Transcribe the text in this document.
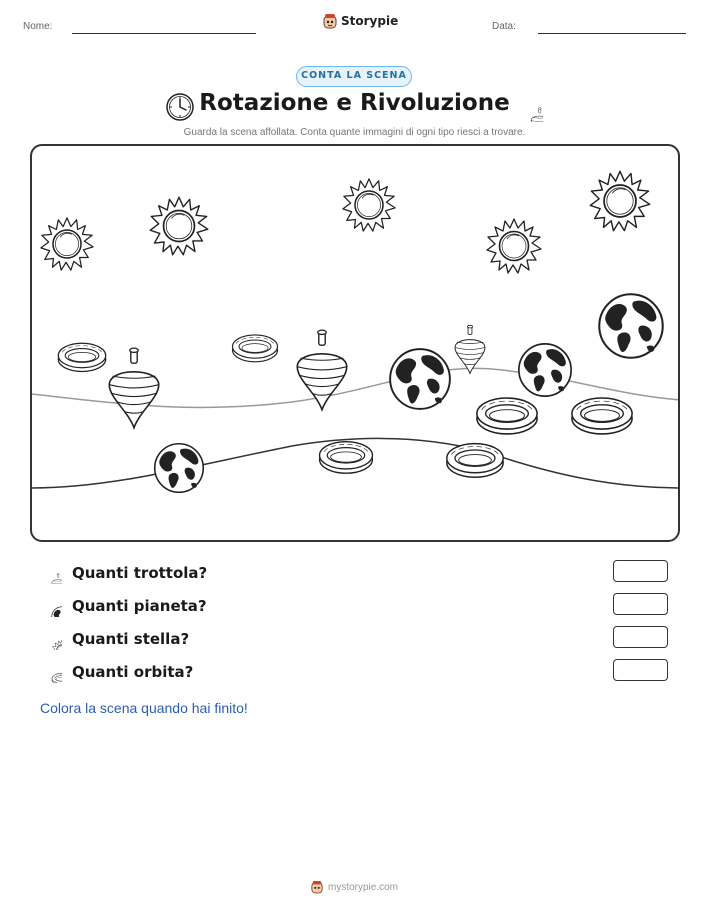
Nome:	Storypie	Data:
CONTA LA SCENA
Rotazione e Rivoluzione
Guarda la scena affollata. Conta quante immagini di ogni tipo riesci a trovare.
Quanti trottola?
Quanti pianeta?
Quanti stella?
Quanti orbita?
Colora la scena quando hai finito!
mystorypie.com
